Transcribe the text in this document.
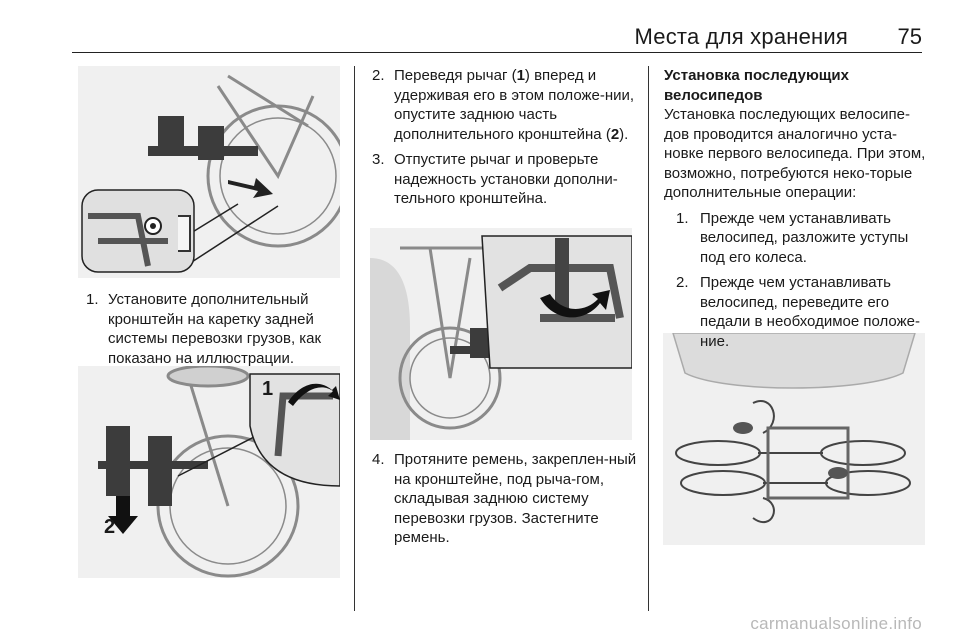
Места для хранения 75
1
2
1. Установите дополнительный кронштейн на каретку задней системы перевозки грузов, как показано на иллюстрации.
2. Переведя рычаг (1) вперед и удерживая его в этом положе-нии, опустите заднюю часть дополнительного кронштейна (2).
3. Отпустите рычаг и проверьте надежность установки дополни-тельного кронштейна.
4. Протяните ремень, закреплен-ный на кронштейне, под рыча-гом, складывая заднюю систему перевозки грузов. Застегните ремень.

Установка последующих велосипедов

Установка последующих велосипе-дов проводится аналогично уста-новке первого велосипеда. При этом, возможно, потребуются неко-торые дополнительные операции:

1. Прежде чем устанавливать велосипед, разложите уступы под его колеса.
2. Прежде чем устанавливать велосипед, переведите его педали в необходимое положе-ние.
carmanualsonline.info
